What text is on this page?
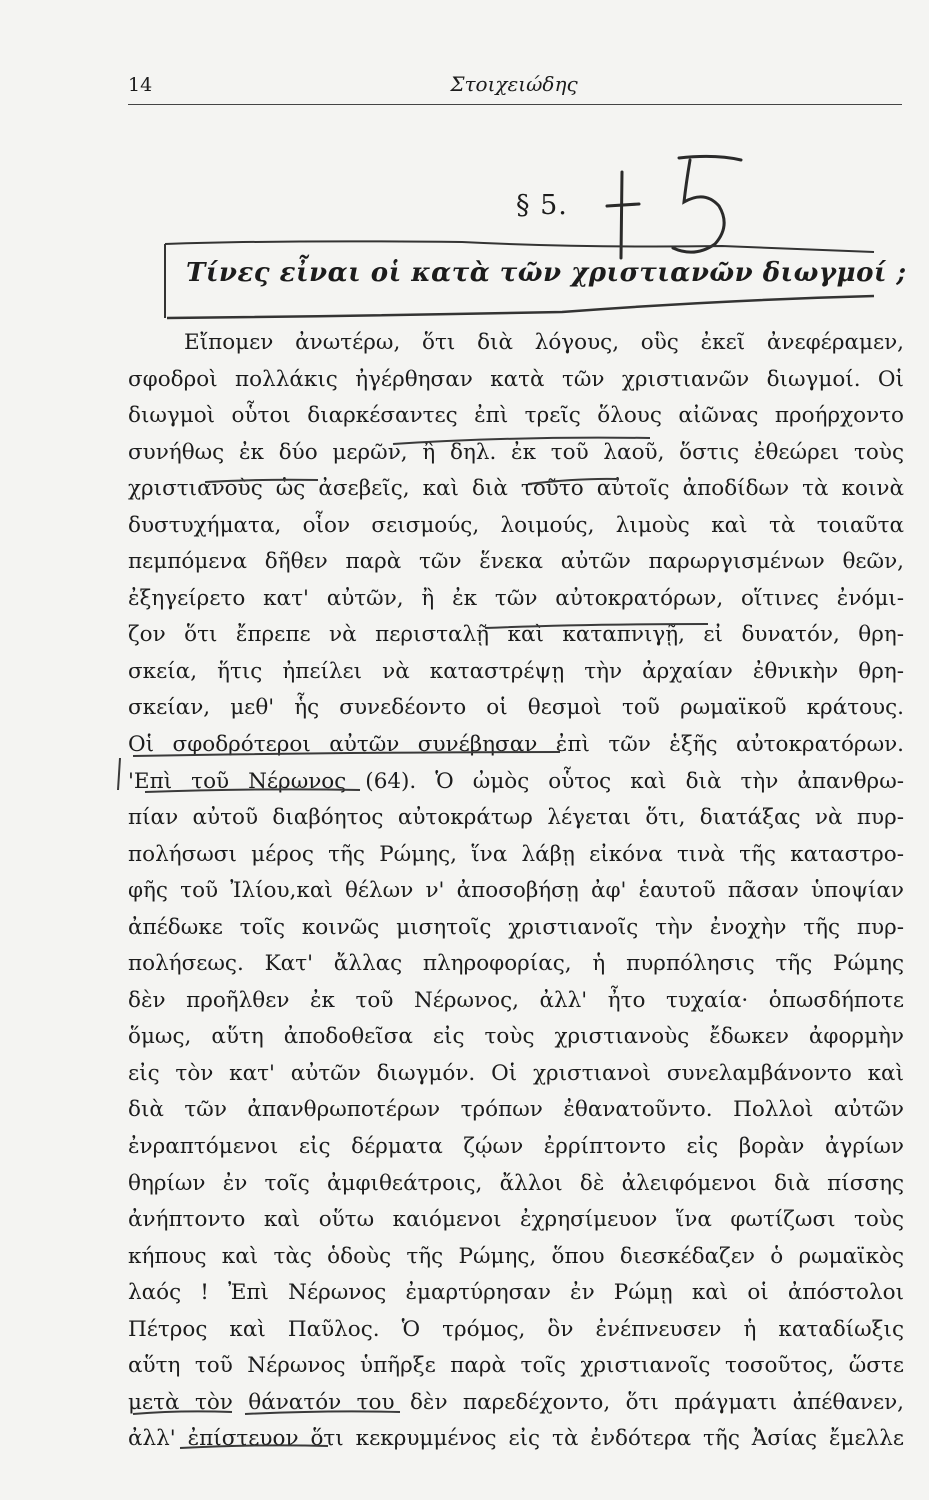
14	Στοιχειώδης
§ 5.
Τίνες εἶναι οἱ κατὰ τῶν χριστιανῶν διωγμοί ;
Εἴπομεν ἀνωτέρω, ὅτι διὰ λόγους, οὓς ἐκεῖ ἀνεφέραμεν,
σφοδροὶ πολλάκις ἠγέρθησαν κατὰ τῶν χριστιανῶν διωγμοί. Οἱ
διωγμοὶ οὗτοι διαρκέσαντες ἐπὶ τρεῖς ὅλους αἰῶνας προήρχοντο
συνήθως ἐκ δύο μερῶν, ἢ δηλ. ἐκ τοῦ λαοῦ, ὅστις ἐθεώρει τοὺς
χριστιανοὺς ὡς ἀσεβεῖς, καὶ διὰ τοῦτο αὐτοῖς ἀποδίδων τὰ κοινὰ
δυστυχήματα, οἷον σεισμούς, λοιμούς, λιμοὺς καὶ τὰ τοιαῦτα
πεμπόμενα δῆθεν παρὰ τῶν ἕνεκα αὐτῶν παρωργισμένων θεῶν,
ἐξηγείρετο κατ' αὐτῶν, ἢ ἐκ τῶν αὐτοκρατόρων, οἵτινες ἐνόμι-
ζον ὅτι ἔπρεπε νὰ περισταλῇ καὶ καταπνιγῇ, εἰ δυνατόν, θρη-
σκεία, ἥτις ἠπείλει νὰ καταστρέψῃ τὴν ἀρχαίαν ἐθνικὴν θρη-
σκείαν, μεθ' ἧς συνεδέοντο οἱ θεσμοὶ τοῦ ρωμαϊκοῦ κράτους.
Οἱ σφοδρότεροι αὐτῶν συνέβησαν ἐπὶ τῶν ἑξῆς αὐτοκρατόρων.
'Επὶ τοῦ Νέρωνος (64). Ὁ ὠμὸς οὗτος καὶ διὰ τὴν ἀπανθρω-
πίαν αὐτοῦ διαβόητος αὐτοκράτωρ λέγεται ὅτι, διατάξας νὰ πυρ-
πολήσωσι μέρος τῆς Ρώμης, ἵνα λάβῃ εἰκόνα τινὰ τῆς καταστρο-
φῆς τοῦ Ἰλίου,καὶ θέλων ν' ἀποσοβήσῃ ἀφ' ἑαυτοῦ πᾶσαν ὑποψίαν
ἀπέδωκε τοῖς κοινῶς μισητοῖς χριστιανοῖς τὴν ἐνοχὴν τῆς πυρ-
πολήσεως. Κατ' ἄλλας πληροφορίας, ἡ πυρπόλησις τῆς Ρώμης
δὲν προῆλθεν ἐκ τοῦ Νέρωνος, ἀλλ' ἦτο τυχαία· ὁπωσδήποτε
ὅμως, αὕτη ἀποδοθεῖσα εἰς τοὺς χριστιανοὺς ἔδωκεν ἀφορμὴν
εἰς τὸν κατ' αὐτῶν διωγμόν. Οἱ χριστιανοὶ συνελαμβάνοντο καὶ
διὰ τῶν ἀπανθρωποτέρων τρόπων ἐθανατοῦντο. Πολλοὶ αὐτῶν
ἐνραπτόμενοι εἰς δέρματα ζῴων ἐρρίπτοντο εἰς βορὰν ἀγρίων
θηρίων ἐν τοῖς ἀμφιθεάτροις, ἄλλοι δὲ ἀλειφόμενοι διὰ πίσσης
ἀνήπτοντο καὶ οὕτω καιόμενοι ἐχρησίμευον ἵνα φωτίζωσι τοὺς
κήπους καὶ τὰς ὁδοὺς τῆς Ρώμης, ὅπου διεσκέδαζεν ὁ ρωμαϊκὸς
λαός ! Ἐπὶ Νέρωνος ἐμαρτύρησαν ἐν Ρώμῃ καὶ οἱ ἀπόστολοι
Πέτρος καὶ Παῦλος. Ὁ τρόμος, ὃν ἐνέπνευσεν ἡ καταδίωξις
αὕτη τοῦ Νέρωνος ὑπῆρξε παρὰ τοῖς χριστιανοῖς τοσοῦτος, ὥστε
μετὰ τὸν θάνατόν του δὲν παρεδέχοντο, ὅτι πράγματι ἀπέθανεν,
ἀλλ' ἐπίστευον ὅτι κεκρυμμένος εἰς τὰ ἐνδότερα τῆς Ἀσίας ἔμελλε
